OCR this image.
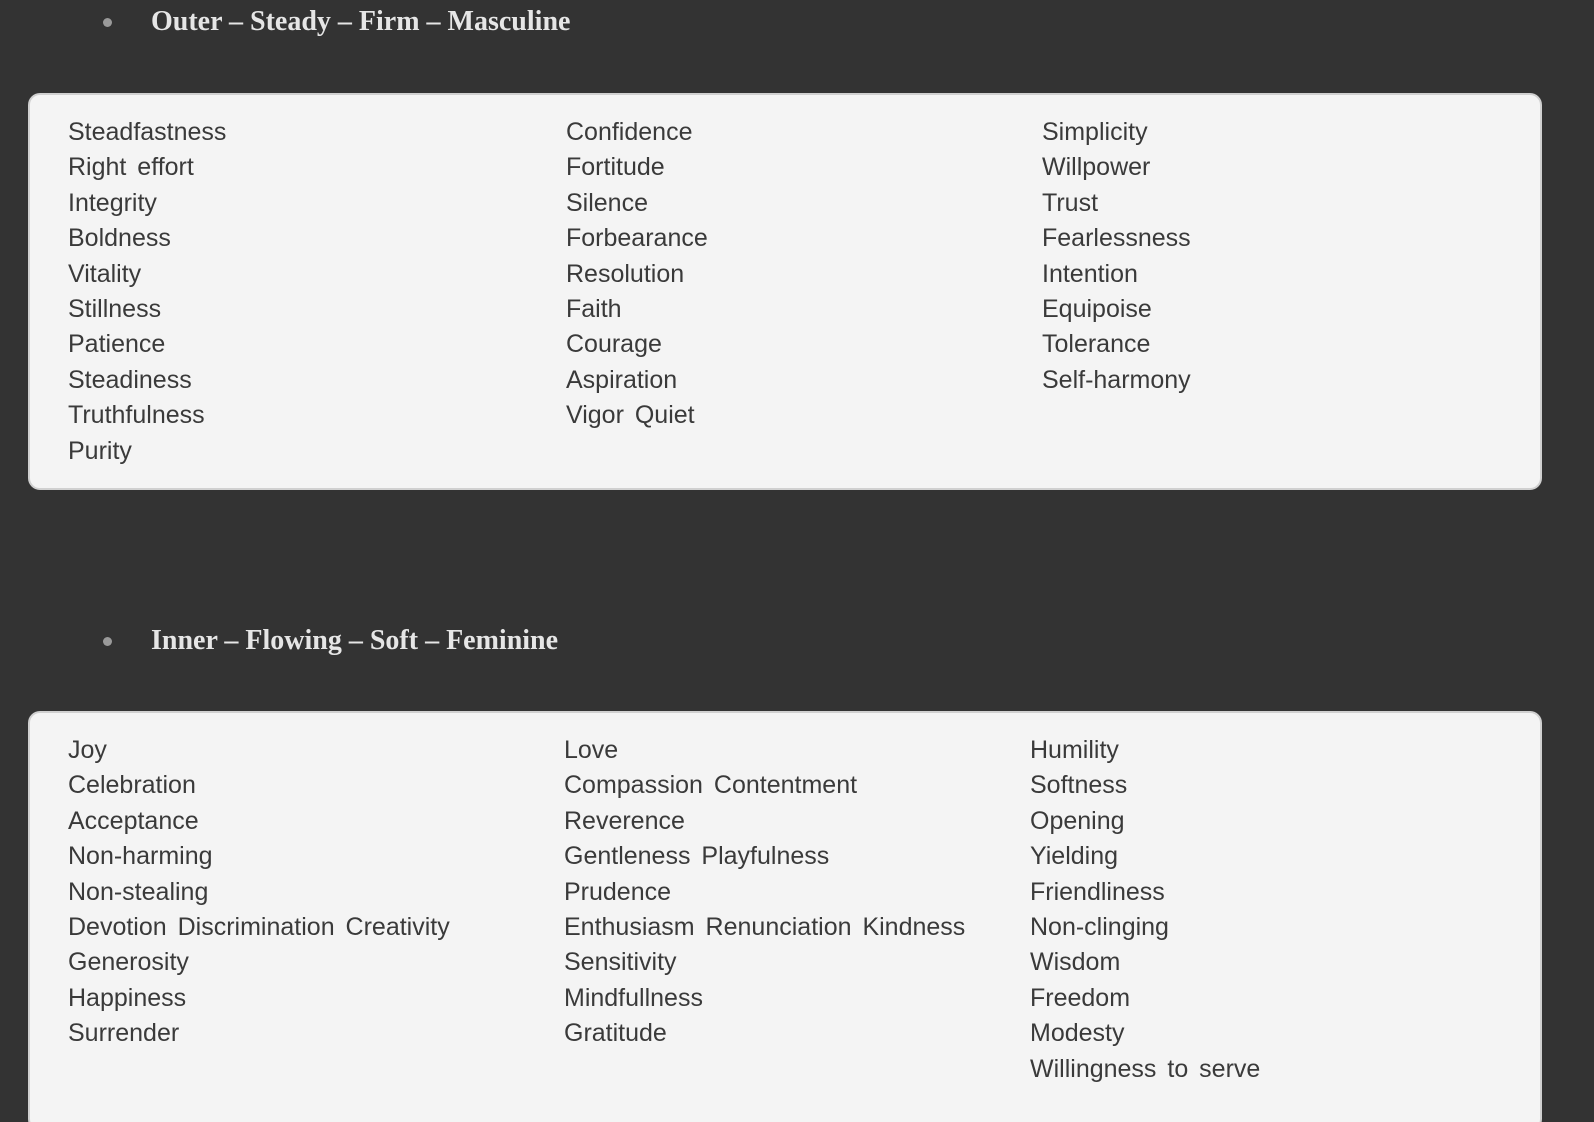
Outer – Steady – Firm – Masculine
Steadfastness
Right effort
Integrity
Boldness
Vitality
Stillness
Patience
Steadiness
Truthfulness
Purity
Confidence
Fortitude
Silence
Forbearance
Resolution
Faith
Courage
Aspiration
Vigor Quiet
Simplicity
Willpower
Trust
Fearlessness
Intention
Equipoise
Tolerance
Self-harmony
Inner – Flowing – Soft – Feminine
Joy
Celebration
Acceptance
Non-harming
Non-stealing
Devotion Discrimination Creativity
Generosity
Happiness
Surrender
Love
Compassion Contentment
Reverence
Gentleness Playfulness
Prudence
Enthusiasm Renunciation Kindness
Sensitivity
Mindfullness
Gratitude
Humility
Softness
Opening
Yielding
Friendliness
Non-clinging
Wisdom
Freedom
Modesty
Willingness to serve
